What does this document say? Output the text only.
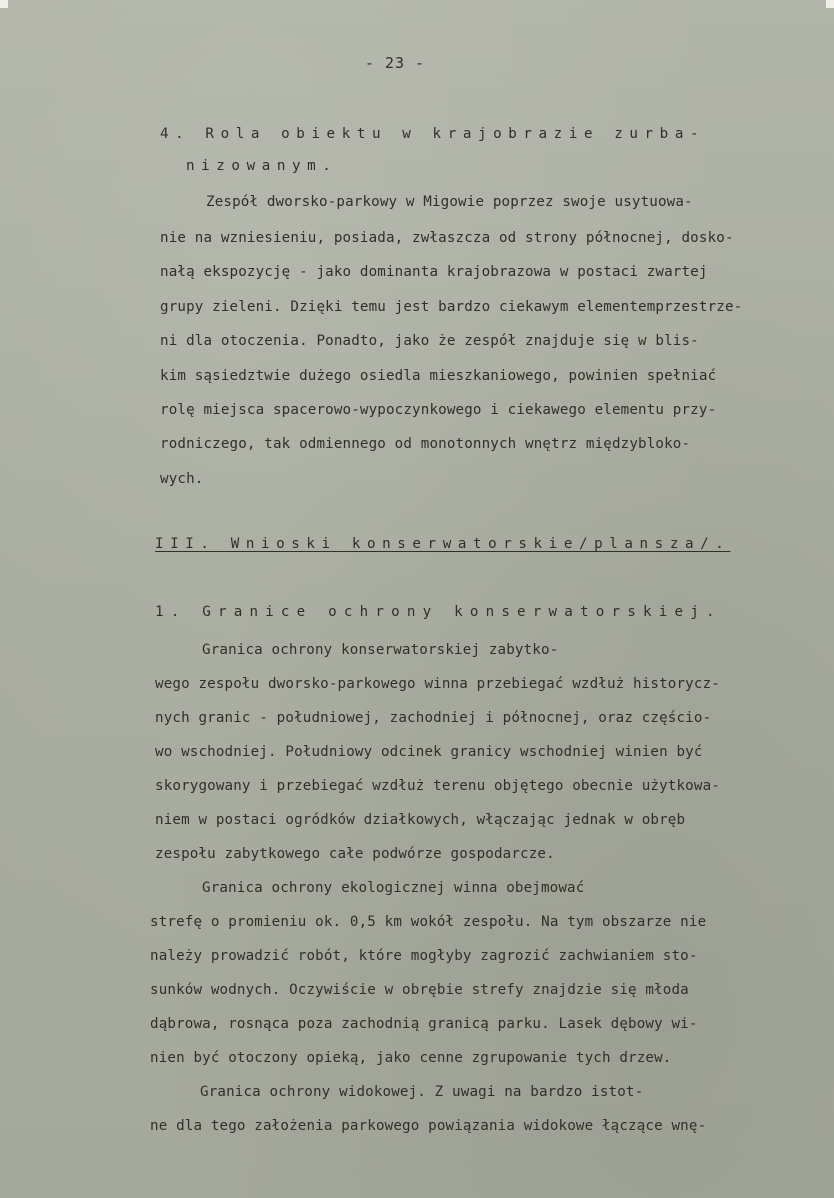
- 23 -
4. Rola obiektu w krajobrazie zurba-
nizowanym.
Zespół dworsko-parkowy w Migowie poprzez swoje usytuowa-
nie na wzniesieniu, posiada, zwłaszcza od strony północnej, dosko-
nałą ekspozycję - jako dominanta krajobrazowa w postaci zwartej
grupy zieleni. Dzięki temu jest bardzo ciekawym elementemprzestrze-
ni dla otoczenia. Ponadto, jako że zespół znajduje się w blis-
kim sąsiedztwie dużego osiedla mieszkaniowego, powinien spełniać
rolę miejsca spacerowo-wypoczynkowego i ciekawego elementu przy-
rodniczego, tak odmiennego od monotonnych wnętrz międzybloko-
wych.
III. Wnioski konserwatorskie/plansza/.
1. Granice ochrony konserwatorskiej.
Granica ochrony konserwatorskiej zabytko-
wego zespołu dworsko-parkowego winna przebiegać wzdłuż historycz-
nych granic - południowej, zachodniej i północnej, oraz częścio-
wo wschodniej. Południowy odcinek granicy wschodniej winien być
skorygowany i przebiegać wzdłuż terenu objętego obecnie użytkowa-
niem w postaci ogródków działkowych, włączając jednak w obręb
zespołu zabytkowego całe podwórze gospodarcze.
Granica ochrony ekologicznej winna obejmować
strefę o promieniu ok. 0,5 km wokół zespołu. Na tym obszarze nie
należy prowadzić robót, które mogłyby zagrozić zachwianiem sto-
sunków wodnych. Oczywiście w obrębie strefy znajdzie się młoda
dąbrowa, rosnąca poza zachodnią granicą parku. Lasek dębowy wi-
nien być otoczony opieką, jako cenne zgrupowanie tych drzew.
Granica ochrony widokowej. Z uwagi na bardzo istot-
ne dla tego założenia parkowego powiązania widokowe łączące wnę-
